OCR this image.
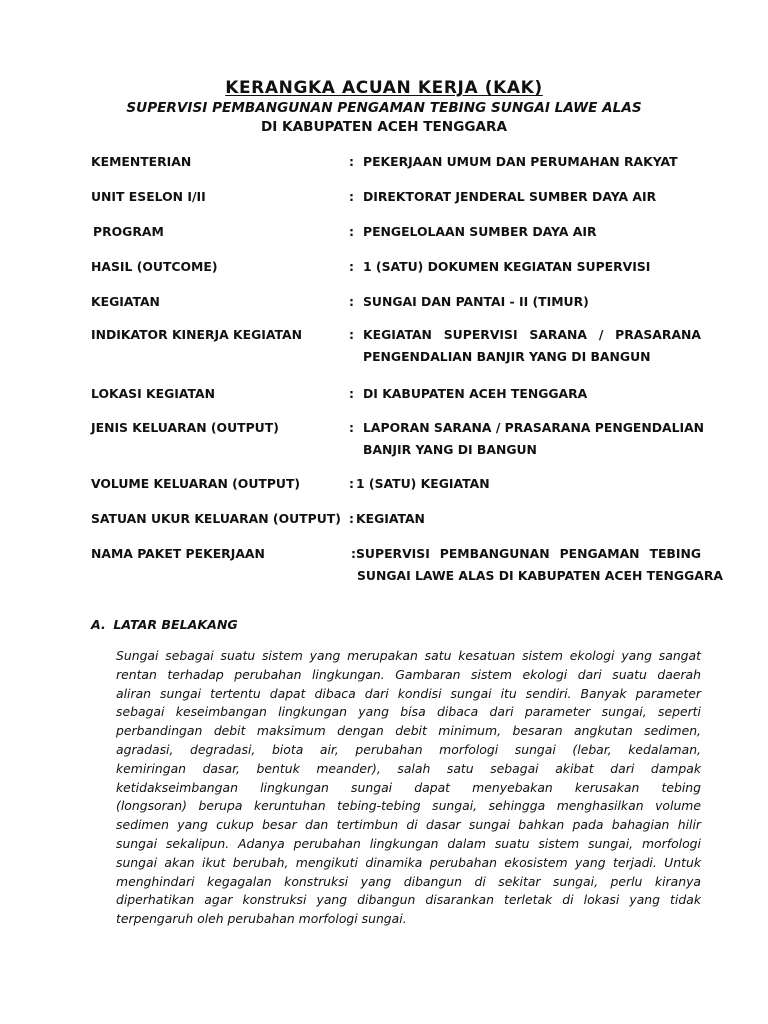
KERANGKA ACUAN KERJA (KAK)
SUPERVISI PEMBANGUNAN PENGAMAN TEBING SUNGAI LAWE ALAS
DI KABUPATEN ACEH TENGGARA
KEMENTERIAN	: PEKERJAAN UMUM DAN PERUMAHAN RAKYAT
UNIT ESELON I/II	: DIREKTORAT JENDERAL SUMBER DAYA AIR
PROGRAM	: PENGELOLAAN SUMBER DAYA AIR
HASIL (OUTCOME)	: 1 (SATU) DOKUMEN KEGIATAN SUPERVISI
KEGIATAN	: SUNGAI DAN PANTAI - II (TIMUR)
INDIKATOR KINERJA KEGIATAN	: KEGIATAN SUPERVISI SARANA / PRASARANA
PENGENDALIAN BANJIR YANG DI BANGUN
LOKASI KEGIATAN	: DI KABUPATEN ACEH TENGGARA
JENIS KELUARAN (OUTPUT)	: LAPORAN SARANA / PRASARANA PENGENDALIAN
BANJIR YANG DI BANGUN
VOLUME KELUARAN (OUTPUT)	: 1 (SATU) KEGIATAN
SATUAN UKUR KELUARAN (OUTPUT) : KEGIATAN
NAMA PAKET PEKERJAAN	: SUPERVISI PEMBANGUNAN PENGAMAN TEBING
SUNGAI LAWE ALAS DI KABUPATEN ACEH TENGGARA
A. LATAR BELAKANG
Sungai sebagai suatu sistem yang merupakan satu kesatuan sistem ekologi yang sangat
rentan terhadap perubahan lingkungan. Gambaran sistem ekologi dari suatu daerah
aliran sungai tertentu dapat dibaca dari kondisi sungai itu sendiri. Banyak parameter
sebagai keseimbangan lingkungan yang bisa dibaca dari parameter sungai, seperti
perbandingan debit maksimum dengan debit minimum, besaran angkutan sedimen,
agradasi, degradasi, biota air, perubahan morfologi sungai (lebar, kedalaman,
kemiringan dasar, bentuk meander), salah satu sebagai akibat dari dampak
ketidakseimbangan lingkungan sungai dapat menyebakan kerusakan tebing
(longsoran) berupa keruntuhan tebing-tebing sungai, sehingga menghasilkan volume
sedimen yang cukup besar dan tertimbun di dasar sungai bahkan pada bahagian hilir
sungai sekalipun. Adanya perubahan lingkungan dalam suatu sistem sungai, morfologi
sungai akan ikut berubah, mengikuti dinamika perubahan ekosistem yang terjadi. Untuk
menghindari kegagalan konstruksi yang dibangun di sekitar sungai, perlu kiranya
diperhatikan agar konstruksi yang dibangun disarankan terletak di lokasi yang tidak
terpengaruh oleh perubahan morfologi sungai.
